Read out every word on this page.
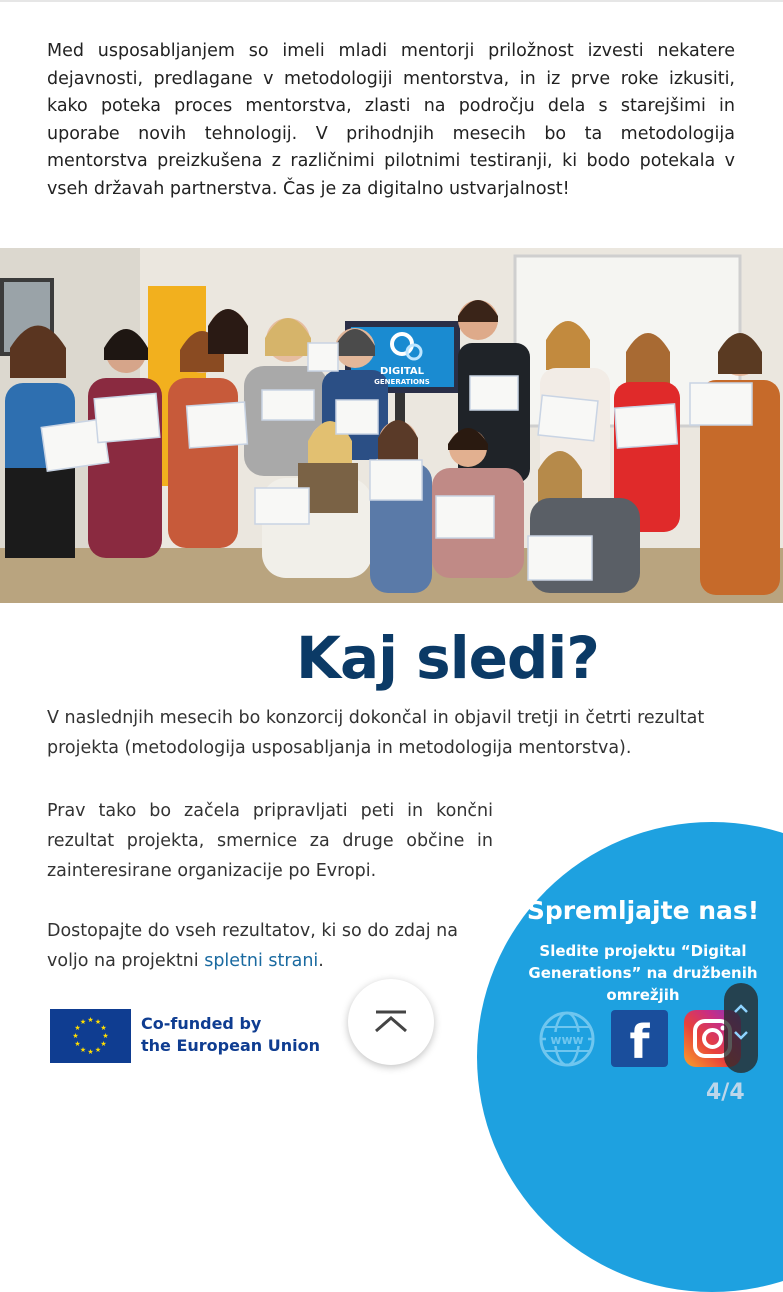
Med usposabljanjem so imeli mladi mentorji priložnost izvesti nekatere dejavnosti, predlagane v metodologiji mentorstva, in iz prve roke izkusiti, kako poteka proces mentorstva, zlasti na področju dela s starejšimi in uporabe novih tehnologij. V prihodnjih mesecih bo ta metodologija mentorstva preizkušena z različnimi pilotnimi testiranji, ki bodo potekala v vseh državah partnerstva. Čas je za digitalno ustvarjalnost!
DIGITAL
GENERATIONS
Kaj sledi?
V naslednjih mesecih bo konzorcij dokončal in objavil tretji in četrti rezultat projekta (metodologija usposabljanja in metodologija mentorstva).
Prav tako bo začela pripravljati peti in končni rezultat projekta, smernice za druge občine in zainteresirane organizacije po Evropi.
Dostopajte do vseh rezultatov, ki so do zdaj na voljo na projektni spletni strani.
★ ★
★
★
★
★
★
★
★
★
★
★	Co-funded by
the European Union
Spremljajte nas!
Sledite projektu “Digital Generations” na družbenih omrežjih
www f
4/4
